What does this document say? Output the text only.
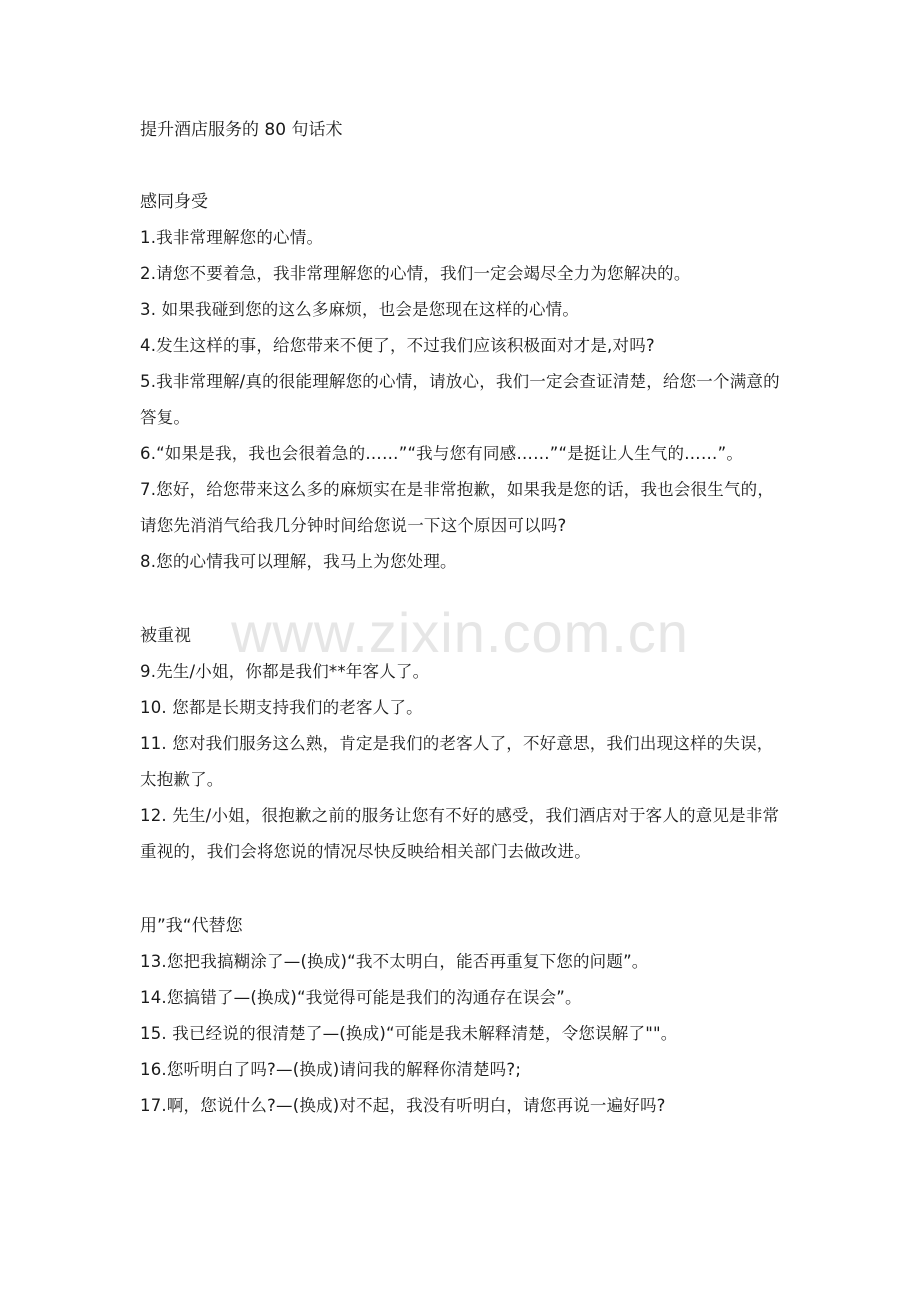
www.zixin.com.cn

提升酒店服务的 80 句话术

感同身受

1.我非常理解您的心情。

2.请您不要着急，我非常理解您的心情，我们一定会竭尽全力为您解决的。

3. 如果我碰到您的这么多麻烦，也会是您现在这样的心情。

4.发生这样的事，给您带来不便了，不过我们应该积极面对才是,对吗?

5.我非常理解/真的很能理解您的心情，请放心，我们一定会查证清楚，给您一个满意的答复。

6.“如果是我，我也会很着急的……”“我与您有同感……”“是挺让人生气的……”。

7.您好，给您带来这么多的麻烦实在是非常抱歉，如果我是您的话，我也会很生气的，请您先消消气给我几分钟时间给您说一下这个原因可以吗?

8.您的心情我可以理解，我马上为您处理。

被重视

9.先生/小姐，你都是我们**年客人了。

10. 您都是长期支持我们的老客人了。

11. 您对我们服务这么熟，肯定是我们的老客人了，不好意思，我们出现这样的失误，太抱歉了。

12. 先生/小姐，很抱歉之前的服务让您有不好的感受，我们酒店对于客人的意见是非常重视的，我们会将您说的情况尽快反映给相关部门去做改进。

用”我“代替您

13.您把我搞糊涂了—(换成)“我不太明白，能否再重复下您的问题”。

14.您搞错了—(换成)“我觉得可能是我们的沟通存在误会”。

15. 我已经说的很清楚了—(换成)“可能是我未解释清楚，令您误解了""。

16.您听明白了吗?—(换成)请问我的解释你清楚吗?;

17.啊，您说什么?—(换成)对不起，我没有听明白，请您再说一遍好吗?
